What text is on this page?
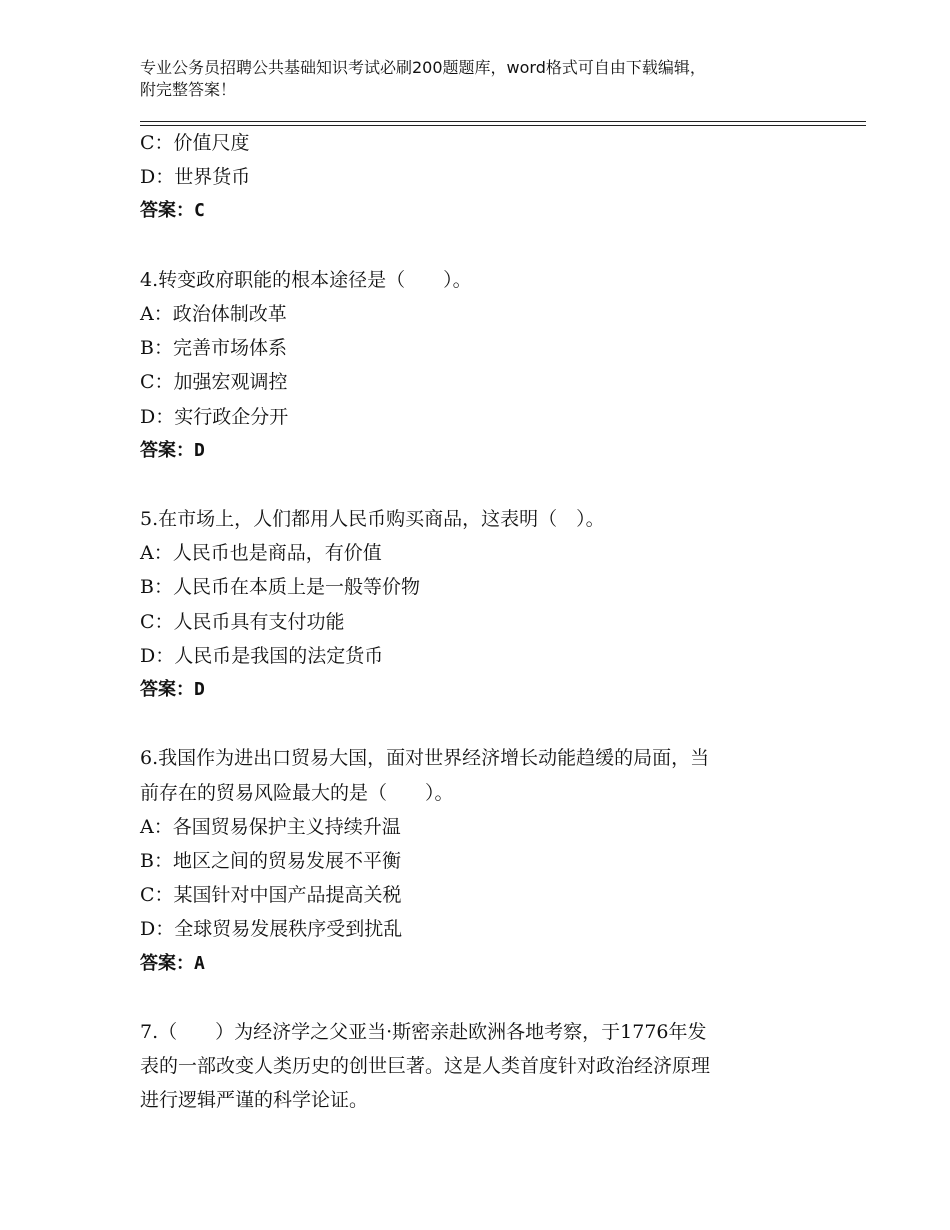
专业公务员招聘公共基础知识考试必刷200题题库，word格式可自由下载编辑，
附完整答案！
C：价值尺度
D：世界货币
答案：C
4.转变政府职能的根本途径是（　　）。
A：政治体制改革
B：完善市场体系
C：加强宏观调控
D：实行政企分开
答案：D
5.在市场上，人们都用人民币购买商品，这表明（　）。
A：人民币也是商品，有价值
B：人民币在本质上是一般等价物
C：人民币具有支付功能
D：人民币是我国的法定货币
答案：D
6.我国作为进出口贸易大国，面对世界经济增长动能趋缓的局面，当
前存在的贸易风险最大的是（　　）。
A：各国贸易保护主义持续升温
B：地区之间的贸易发展不平衡
C：某国针对中国产品提高关税
D：全球贸易发展秩序受到扰乱
答案：A
7.（　　）为经济学之父亚当·斯密亲赴欧洲各地考察，于1776年发
表的一部改变人类历史的创世巨著。这是人类首度针对政治经济原理
进行逻辑严谨的科学论证。
